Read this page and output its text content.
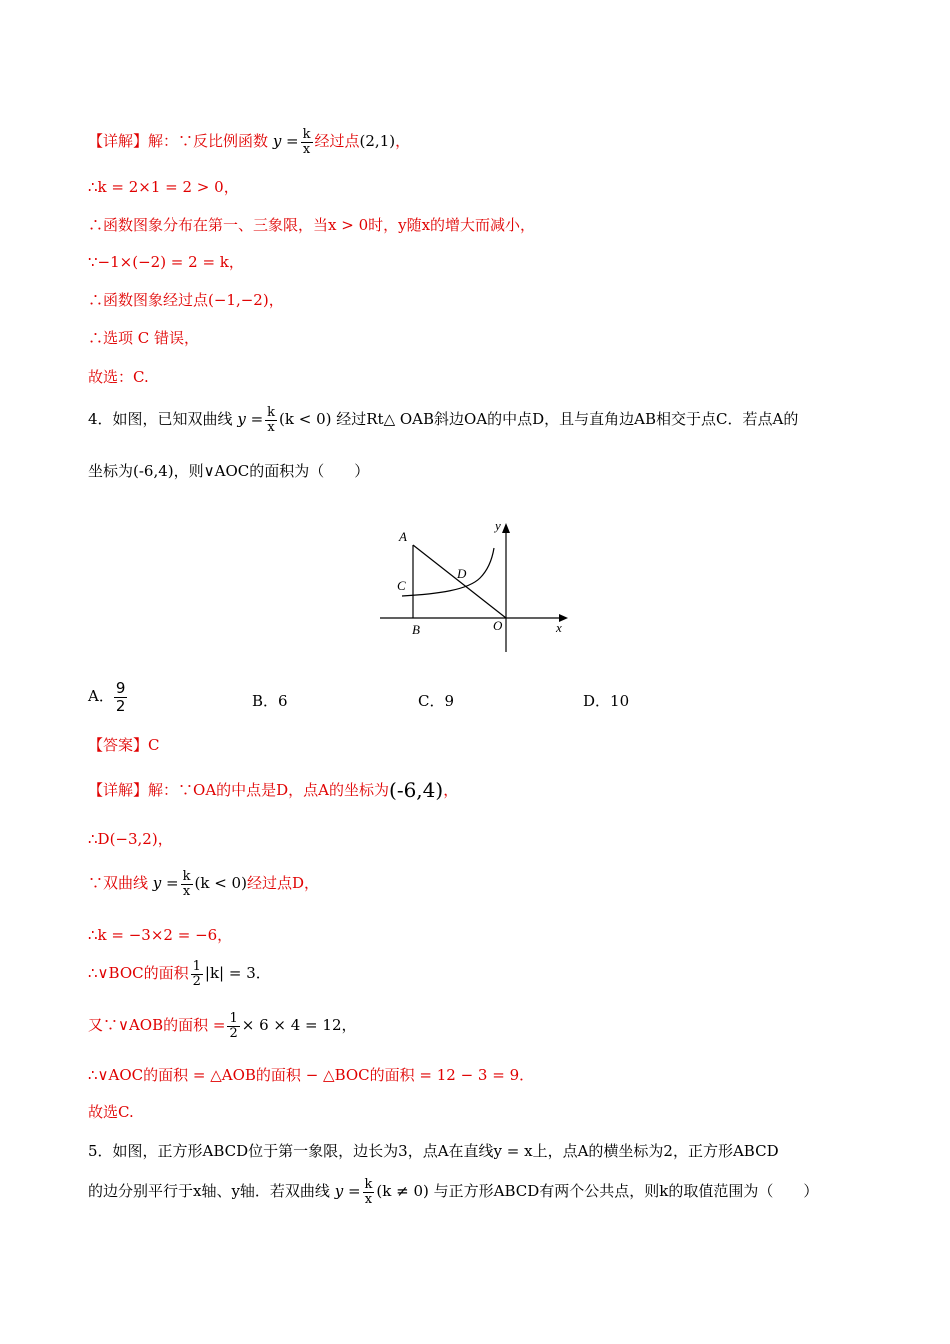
【详解】解：∵反比例函数 $y = \frac{k}{x}$ 经过点(2,1)，
∴k = 2×1 = 2 > 0，
∴函数图象分布在第一、三象限，当x > 0时，y随x的增大而减小，
∵−1×(−2) = 2 = k，
∴函数图象经过点(−1,−2)，
∴选项 C 错误，
故选：C.
4．如图，已知双曲线 $y = \frac{k}{x} (k < 0)$ 经过Rt△ OAB斜边OA的中点D，且与直角边AB相交于点C．若点A的
坐标为(-6,4)，则∨AOC的面积为（　　）
A
C
D
B	O	x
y
A． $\frac{9}{2}$	B．6	C．9	D．10
【答案】C
【详解】解：∵OA的中点是D，点A的坐标为(-6,4)，
∴D(−3,2)，
∵双曲线 $y = \frac{k}{x} (k < 0)$经过点D，
∴k = −3×2 = −6，
∴∨BOC的面积 $\frac{1}{2} |k| = 3$．
又∵∨AOB的面积 = $\frac{1}{2} \times 6 \times 4 = 12$，
∴∨AOC的面积 = △AOB的面积 − △BOC的面积 = 12 − 3 = 9．
故选C.
5．如图，正方形ABCD位于第一象限，边长为3，点A在直线y = x上，点A的横坐标为2，正方形ABCD
的边分别平行于x轴、y轴．若双曲线 $y = \frac{k}{x} (k \ne 0)$ 与正方形ABCD有两个公共点，则k的取值范围为（　　）
